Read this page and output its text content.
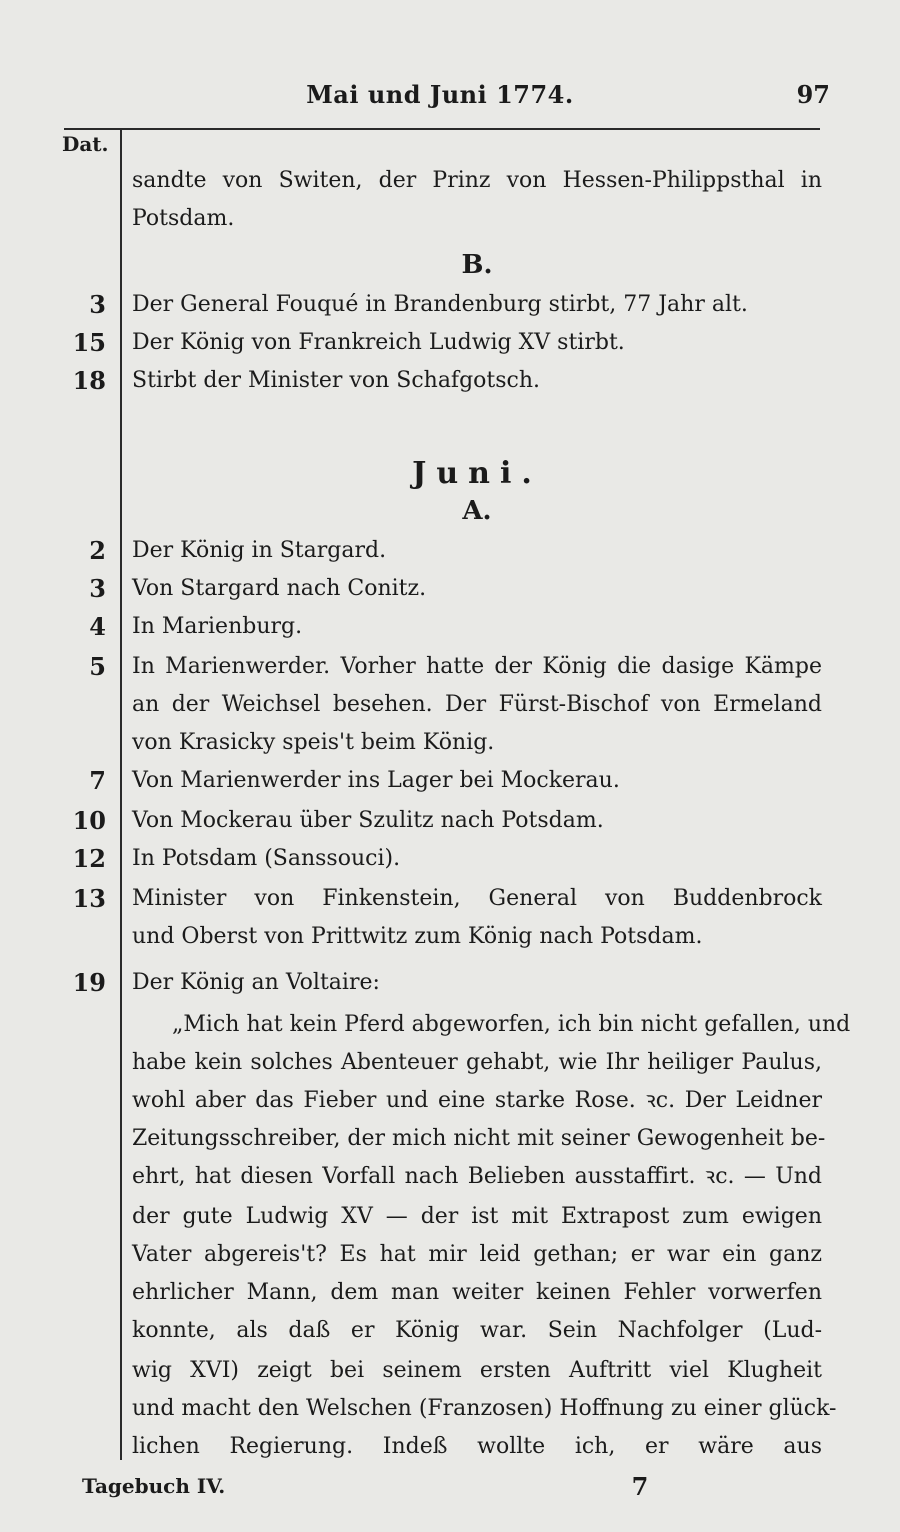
Mai und Juni 1774.	97
Dat.
sandte von Switen, der Prinz von Hessen-Philippsthal in
Potsdam.
B.
3 Der General Fouqué in Brandenburg stirbt, 77 Jahr alt.
15 Der König von Frankreich Ludwig XV stirbt.
18 Stirbt der Minister von Schafgotsch.
Juni.
A.
2 Der König in Stargard.
3 Von Stargard nach Conitz.
4 In Marienburg.
5 In Marienwerder. Vorher hatte der König die dasige Kämpe
an der Weichsel besehen. Der Fürst-Bischof von Ermeland
von Krasicky speis't beim König.
7 Von Marienwerder ins Lager bei Mockerau.
10 Von Mockerau über Szulitz nach Potsdam.
12 In Potsdam (Sanssouci).
13 Minister von Finkenstein, General von Buddenbrock
und Oberst von Prittwitz zum König nach Potsdam.
19 Der König an Voltaire:
„Mich hat kein Pferd abgeworfen, ich bin nicht gefallen, und
habe kein solches Abenteuer gehabt, wie Ihr heiliger Paulus,
wohl aber das Fieber und eine starke Rose. ꝛc. Der Leidner
Zeitungsschreiber, der mich nicht mit seiner Gewogenheit be-
ehrt, hat diesen Vorfall nach Belieben ausstaffirt. ꝛc. — Und
der gute Ludwig XV — der ist mit Extrapost zum ewigen
Vater abgereis't? Es hat mir leid gethan; er war ein ganz
ehrlicher Mann, dem man weiter keinen Fehler vorwerfen
konnte, als daß er König war. Sein Nachfolger (Lud-
wig XVI) zeigt bei seinem ersten Auftritt viel Klugheit
und macht den Welschen (Franzosen) Hoffnung zu einer glück-
lichen Regierung. Indeß wollte ich, er wäre aus
Tagebuch IV.	7
